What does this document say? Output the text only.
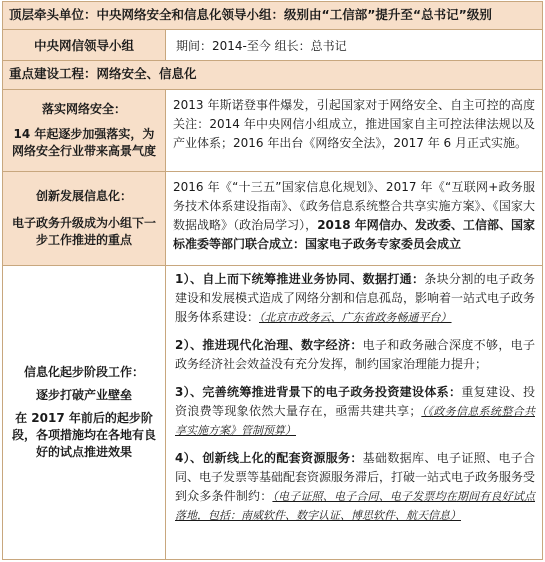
顶层牵头单位：中央网络安全和信息化领导小组：级别由“工信部”提升至“总书记”级别
中央网信领导小组	期间：2014-至今 组长：总书记
重点建设工程：网络安全、信息化
落实网络安全：
14 年起逐步加强落实，为网络安全行业带来高景气度
2013 年斯诺登事件爆发，引起国家对于网络安全、自主可控的高度关注：2014 年中央网信小组成立，推进国家自主可控法律法规以及产业体系；2016 年出台《网络安全法》，2017 年 6 月正式实施。
创新发展信息化：
电子政务升级成为小组下一步工作推进的重点
2016 年《“十三五”国家信息化规划》、2017 年《“互联网+政务服务技术体系建设指南》、《政务信息系统整合共享实施方案》、《国家大数据战略》（政治局学习），2018 年网信办、发改委、工信部、国家标准委等部门联合成立：国家电子政务专家委员会成立
信息化起步阶段工作：
逐步打破产业壁垒
在 2017 年前后的起步阶段，各项措施均在各地有良好的试点推进效果

1）、自上而下统筹推进业务协同、数据打通：条块分割的电子政务建设和发展模式造成了网络分割和信息孤岛，影响着一站式电子政务服务体系建设：（北京市政务云、广东省政务畅通平台）

2）、推进现代化治理、数字经济：电子和政务融合深度不够，电子政务经济社会效益没有充分发挥，制约国家治理能力提升；

3）、完善统筹推进背景下的电子政务投资建设体系：重复建设、投资浪费等现象依然大量存在，亟需共建共享；（《政务信息系统整合共享实施方案》管制预算）

4）、创新线上化的配套资源服务：基础数据库、电子证照、电子合同、电子发票等基础配套资源服务滞后，打破一站式电子政务服务受到众多条件制约：（电子证照、电子合同、电子发票均在期间有良好试点落地，包括：南威软件、数字认证、博思软件、航天信息）
